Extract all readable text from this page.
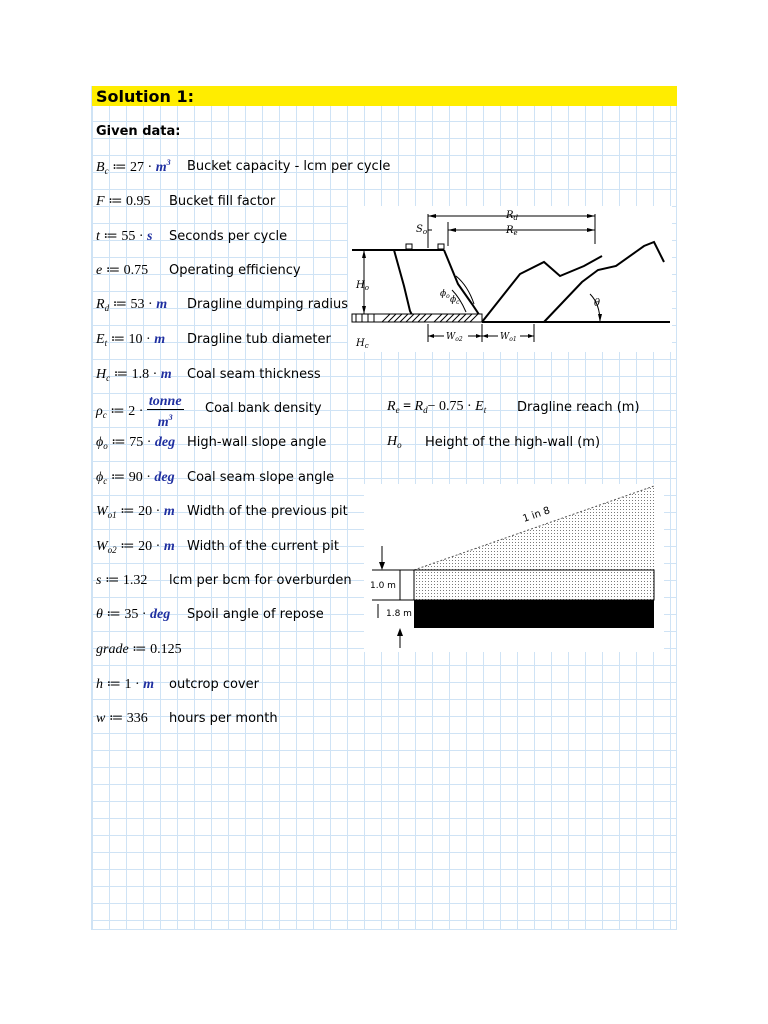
Solution 1:
Given data:
$B_c$ ≔ $27 \cdot m^3$ Bucket capacity - lcm per cycle
F ≔ 0.95 Bucket fill factor
t ≔ 55 · s Seconds per cycle
e ≔ 0.75 Operating efficiency
$R_d$ ≔ 53 · m Dragline dumping radius
$E_t$ ≔ 10 · m Dragline tub diameter
$H_c$ ≔ 1.8 · m Coal seam thickness
$\rho_c$ ≔ $2 \cdot \frac{\text{tonne}}{m^3}$ Coal bank density
$\phi_o$ ≔ 75 · deg High-wall slope angle
$\phi_c$ ≔ 90 · deg Coal seam slope angle
$W_{o1}$ ≔ 20 · m Width of the previous pit
$W_{o2}$ ≔ 20 · m Width of the current pit
s ≔ 1.32 lcm per bcm for overburden
θ ≔ 35 · deg Spoil angle of repose
grade ≔ 0.125
h ≔ 1 · m outcrop cover
w ≔ 336 hours per month
$R_e = R_d- 0.75 \cdot E_t$ Dragline reach (m)
$H_o$ Height of the high-wall (m)
$R_d$
$R_e$
$S_o$
$H_o$
$H_c$
$\phi_o$ $\phi_c$	θ
$W_{o2}$	$W_{o1}$
1 in 8
1.0 m
1.8 m
